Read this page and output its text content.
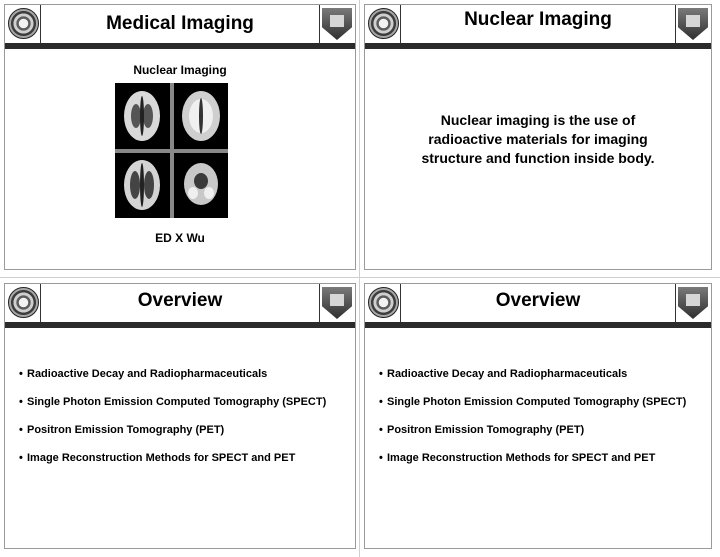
Medical Imaging
Nuclear Imaging
ED X Wu
Nuclear Imaging
Nuclear imaging is the use of radioactive materials for imaging structure and function inside body.
Overview
• Radioactive Decay and Radiopharmaceuticals
• Single Photon Emission Computed Tomography (SPECT)
• Positron Emission Tomography (PET)
• Image Reconstruction Methods for SPECT and PET
Overview
• Radioactive Decay and Radiopharmaceuticals
• Single Photon Emission Computed Tomography (SPECT)
• Positron Emission Tomography (PET)
• Image Reconstruction Methods for SPECT and PET
